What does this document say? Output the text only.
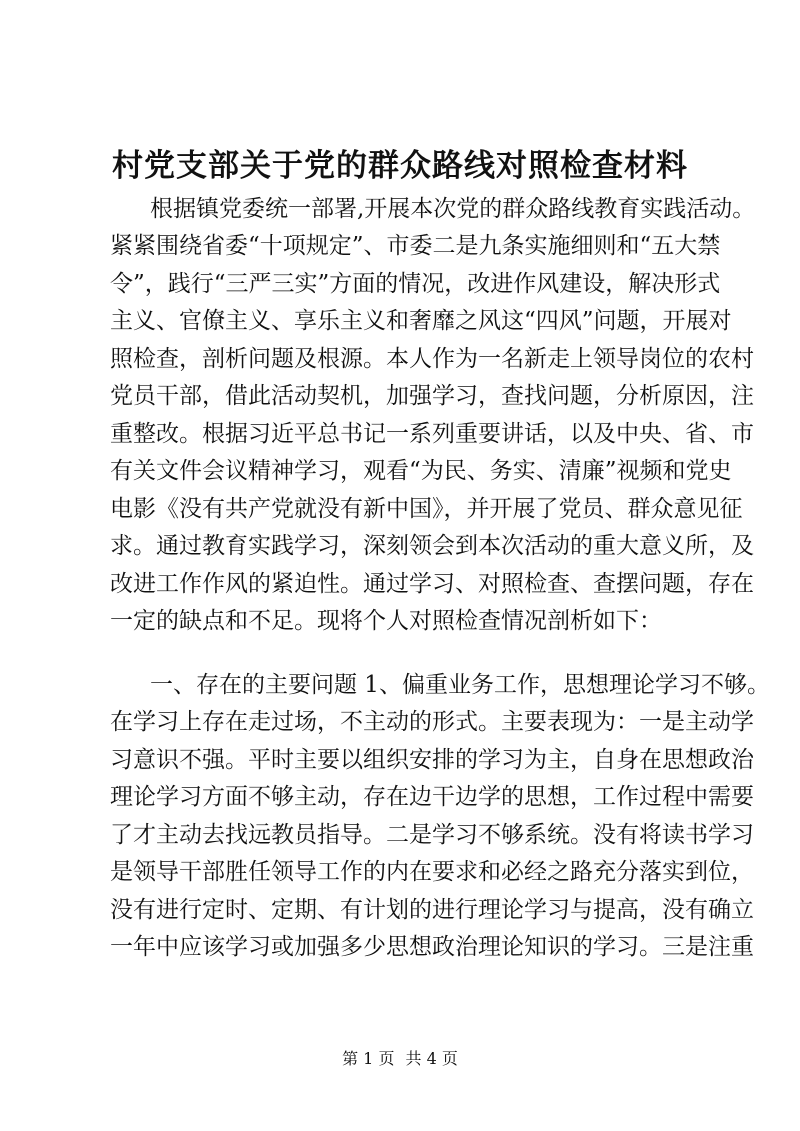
村党支部关于党的群众路线对照检查材料

根据镇党委统一部署,开展本次党的群众路线教育实践活动。

紧紧围绕省委“十项规定”、市委二是九条实施细则和“五大禁

令”，践行“三严三实”方面的情况，改进作风建设，解决形式

主义、官僚主义、享乐主义和奢靡之风这“四风”问题，开展对

照检查，剖析问题及根源。本人作为一名新走上领导岗位的农村

党员干部，借此活动契机，加强学习，查找问题，分析原因，注

重整改。根据习近平总书记一系列重要讲话，以及中央、省、市

有关文件会议精神学习，观看“为民、务实、清廉”视频和党史

电影《没有共产党就没有新中国》，并开展了党员、群众意见征

求。通过教育实践学习，深刻领会到本次活动的重大意义所，及

改进工作作风的紧迫性。通过学习、对照检查、查摆问题，存在

一定的缺点和不足。现将个人对照检查情况剖析如下：

一、存在的主要问题 1、偏重业务工作，思想理论学习不够。

在学习上存在走过场，不主动的形式。主要表现为：一是主动学

习意识不强。平时主要以组织安排的学习为主，自身在思想政治

理论学习方面不够主动，存在边干边学的思想，工作过程中需要

了才主动去找远教员指导。二是学习不够系统。没有将读书学习

是领导干部胜任领导工作的内在要求和必经之路充分落实到位，

没有进行定时、定期、有计划的进行理论学习与提高，没有确立

一年中应该学习或加强多少思想政治理论知识的学习。三是注重

第 1 页 共 4 页
